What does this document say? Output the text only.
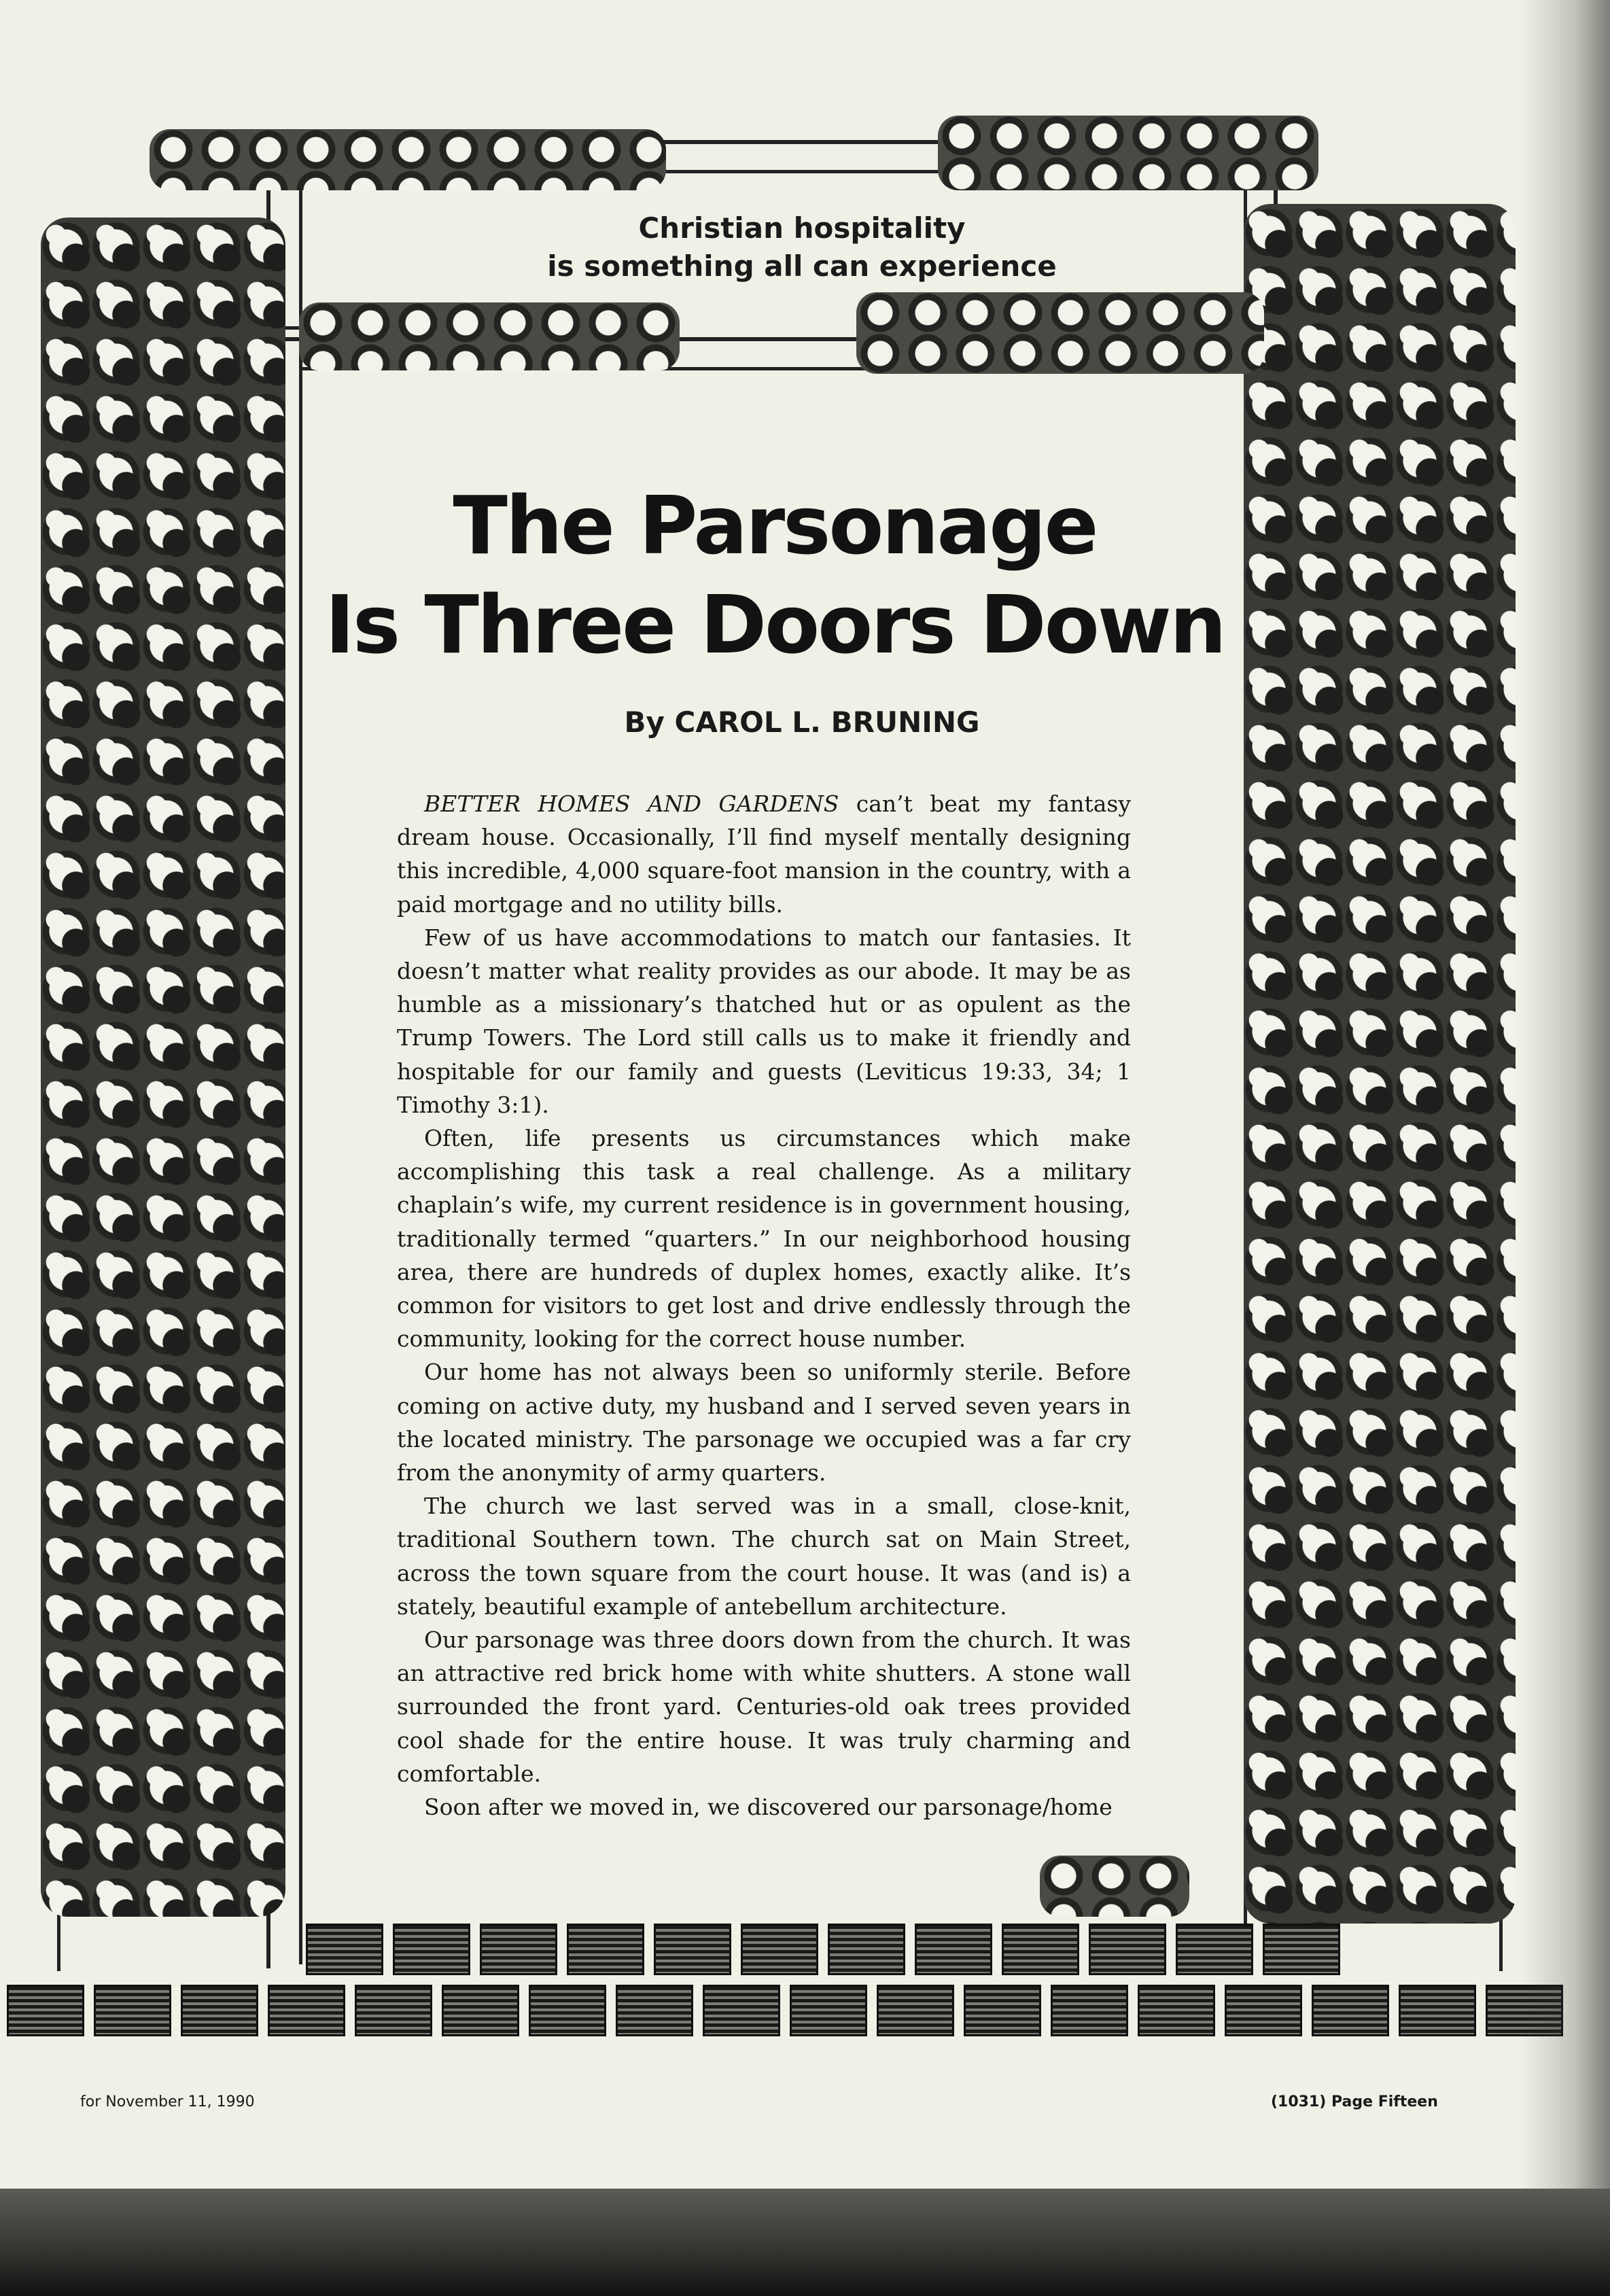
Christian hospitality
is something all can experience
The Parsonage
Is Three Doors Down
By CAROL L. BRUNING

BETTER HOMES AND GARDENS can’t beat my fantasy dream house. Occasionally, I’ll find myself mentally designing this incredible, 4,000 square-foot mansion in the country, with a paid mortgage and no utility bills.

Few of us have accommodations to match our fantasies. It doesn’t matter what reality provides as our abode. It may be as humble as a missionary’s thatched hut or as opulent as the Trump Towers. The Lord still calls us to make it friendly and hospitable for our family and guests (Leviticus 19:33, 34; 1 Timothy 3:1).

Often, life presents us circumstances which make accomplishing this task a real challenge. As a military chaplain’s wife, my current residence is in government housing, traditionally termed “quarters.” In our neighborhood housing area, there are hundreds of duplex homes, exactly alike. It’s common for visitors to get lost and drive endlessly through the community, looking for the correct house number.

Our home has not always been so uniformly sterile. Before coming on active duty, my husband and I served seven years in the located ministry. The parsonage we occupied was a far cry from the anonymity of army quarters.

The church we last served was in a small, close-knit, traditional Southern town. The church sat on Main Street, across the town square from the court house. It was (and is) a stately, beautiful example of antebellum architecture.

Our parsonage was three doors down from the church. It was an attractive red brick home with white shutters. A stone wall surrounded the front yard. Centuries-old oak trees provided cool shade for the entire house. It was truly charming and comfortable.

Soon after we moved in, we discovered our parsonage/home

for November 11, 1990	(1031) Page Fifteen
